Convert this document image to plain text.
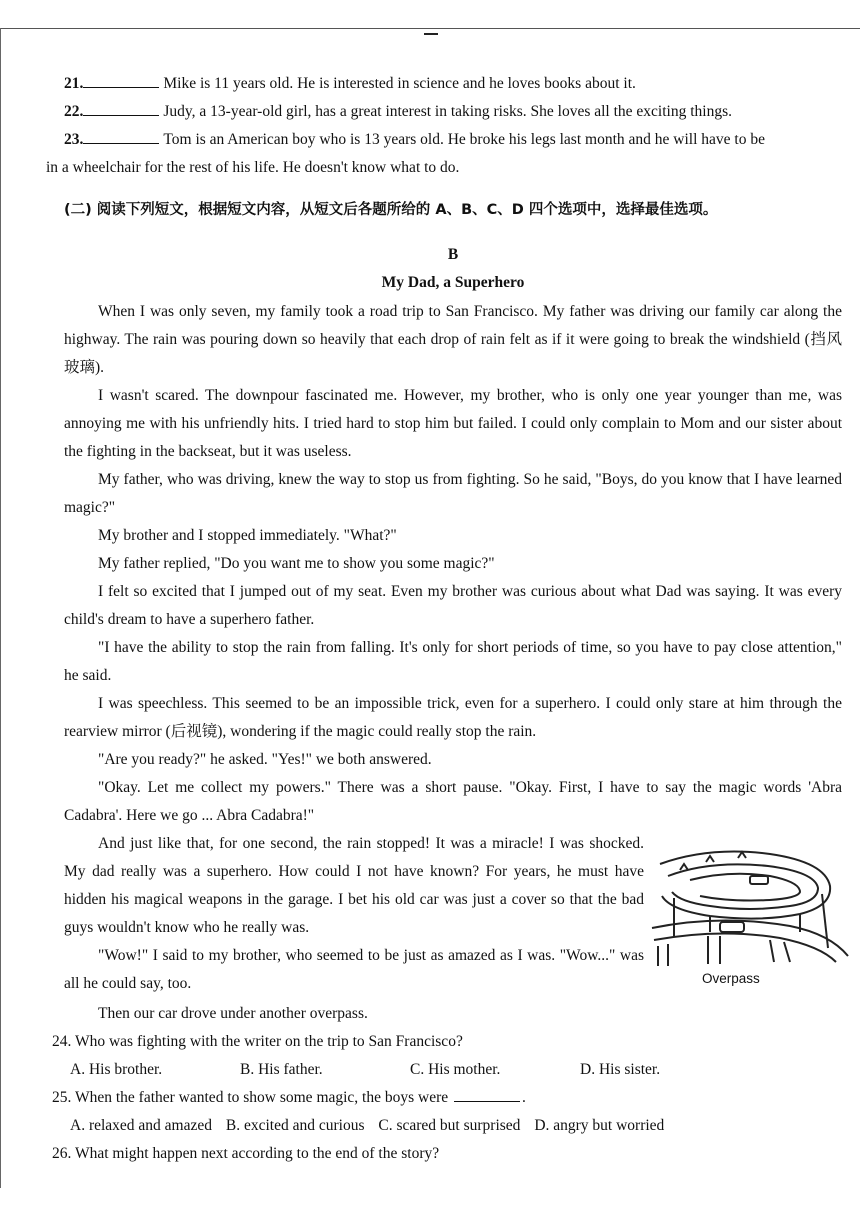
21.	Mike is 11 years old. He is interested in science and he loves books about it.
22.	Judy, a 13-year-old girl, has a great interest in taking risks. She loves all the exciting things.
23.	Tom is an American boy who is 13 years old. He broke his legs last month and he will have to be
in a wheelchair for the rest of his life. He doesn't know what to do.
(二) 阅读下列短文，根据短文内容，从短文后各题所给的 A、B、C、D 四个选项中，选择最佳选项。
B
My Dad, a Superhero

When I was only seven, my family took a road trip to San Francisco. My father was driving our family car along the highway. The rain was pouring down so heavily that each drop of rain felt as if it were going to break the windshield (挡风玻璃).

I wasn't scared. The downpour fascinated me. However, my brother, who is only one year younger than me, was annoying me with his unfriendly hits. I tried hard to stop him but failed. I could only complain to Mom and our sister about the fighting in the backseat, but it was useless.

My father, who was driving, knew the way to stop us from fighting. So he said, "Boys, do you know that I have learned magic?"

My brother and I stopped immediately. "What?"

My father replied, "Do you want me to show you some magic?"

I felt so excited that I jumped out of my seat. Even my brother was curious about what Dad was saying. It was every child's dream to have a superhero father.

"I have the ability to stop the rain from falling. It's only for short periods of time, so you have to pay close attention," he said.

I was speechless. This seemed to be an impossible trick, even for a superhero. I could only stare at him through the rearview mirror (后视镜), wondering if the magic could really stop the rain.

"Are you ready?" he asked. "Yes!" we both answered.

"Okay. Let me collect my powers." There was a short pause. "Okay. First, I have to say the magic words 'Abra Cadabra'. Here we go ... Abra Cadabra!"

Overpass

And just like that, for one second, the rain stopped! It was a miracle! I was shocked. My dad really was a superhero. How could I not have known? For years, he must have hidden his magical weapons in the garage. I bet his old car was just a cover so that the bad guys wouldn't know who he really was.

"Wow!" I said to my brother, who seemed to be just as amazed as I was. "Wow..." was all he could say, too.

Then our car drove under another overpass.

24. Who was fighting with the writer on the trip to San Francisco?

A. His brother.	B. His father.	C. His mother.	D. His sister.

25. When the father wanted to show some magic, the boys were	.

A. relaxed and amazed B. excited and curious C. scared but surprised D. angry but worried

26. What might happen next according to the end of the story?
